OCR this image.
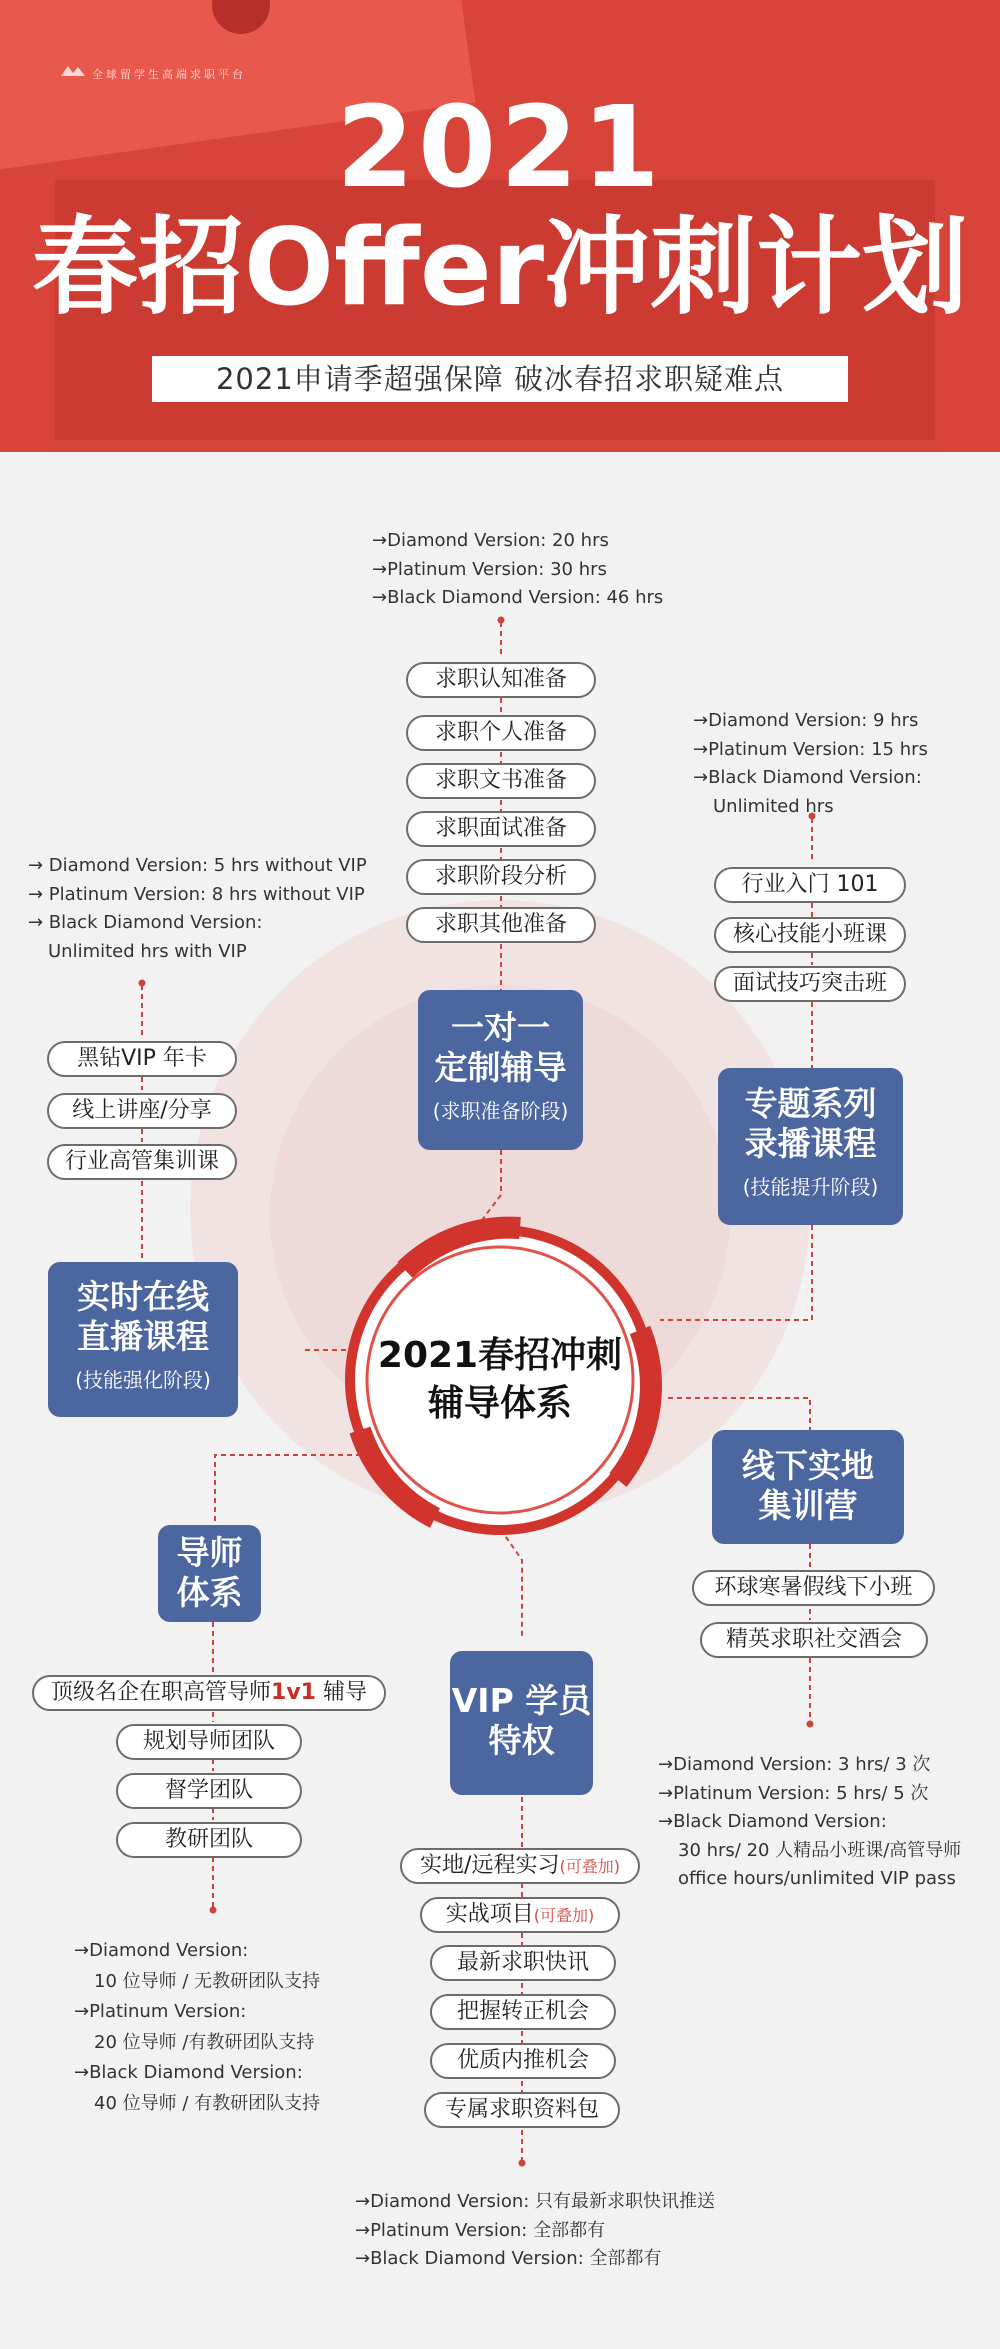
全球留学生高端求职平台
2021
春招Offer冲刺计划
2021申请季超强保障 破冰春招求职疑难点
2021春招冲刺
辅导体系
→Diamond Version: 20 hrs
→Platinum Version: 30 hrs
→Black Diamond Version: 46 hrs
求职认知准备
求职个人准备
求职文书准备
求职面试准备
求职阶段分析
求职其他准备
一对一
定制辅导
(求职准备阶段)
→Diamond Version: 9 hrs
→Platinum Version: 15 hrs
→Black Diamond Version:
Unlimited hrs
行业入门 101
核心技能小班课
面试技巧突击班
专题系列
录播课程
(技能提升阶段)
→ Diamond Version: 5 hrs without VIP
→ Platinum Version: 8 hrs without VIP
→ Black Diamond Version:
Unlimited hrs with VIP
黑钻VIP 年卡
线上讲座/分享
行业高管集训课
实时在线
直播课程
(技能强化阶段)
线下实地
集训营
环球寒暑假线下小班
精英求职社交酒会
→Diamond Version: 3 hrs/ 3 次
→Platinum Version: 5 hrs/ 5 次
→Black Diamond Version:
30 hrs/ 20 人精品小班课/高管导师
office hours/unlimited VIP pass
导师
体系
顶级名企在职高管导师1v1 辅导
规划导师团队
督学团队
教研团队
→Diamond Version:
10 位导师 / 无教研团队支持
→Platinum Version:
20 位导师 /有教研团队支持
→Black Diamond Version:
40 位导师 / 有教研团队支持
VIP 学员
特权
实地/远程实习(可叠加)
实战项目(可叠加)
最新求职快讯
把握转正机会
优质内推机会
专属求职资料包
→Diamond Version: 只有最新求职快讯推送
→Platinum Version: 全部都有
→Black Diamond Version: 全部都有
